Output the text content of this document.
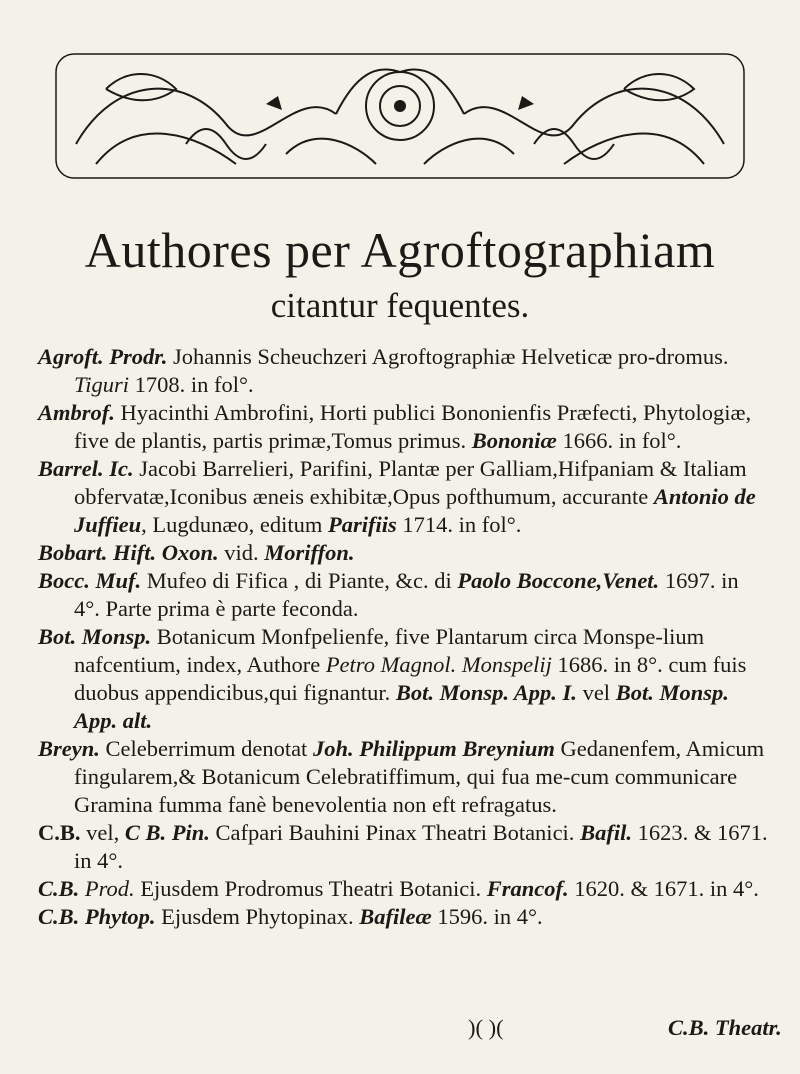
Authores per Agroftographiam
citantur fequentes.

Agroft. Prodr. Johannis Scheuchzeri Agroftographiæ Helveticæ pro-dromus. Tiguri 1708. in fol°.

Ambrof. Hyacinthi Ambrofini, Horti publici Bononienfis Præfecti, Phytologiæ, five de plantis, partis primæ,Tomus primus. Bononiæ 1666. in fol°.

Barrel. Ic. Jacobi Barrelieri, Parifini, Plantæ per Galliam,Hifpaniam & Italiam obfervatæ,Iconibus æneis exhibitæ,Opus pofthumum, accurante Antonio de Juffieu, Lugdunæo, editum Parifiis 1714. in fol°.

Bobart. Hift. Oxon. vid. Moriffon.

Bocc. Muf. Mufeo di Fifica , di Piante, &c. di Paolo Boccone,Venet. 1697. in 4°. Parte prima è parte feconda.

Bot. Monsp. Botanicum Monfpelienfe, five Plantarum circa Monspe-lium nafcentium, index, Authore Petro Magnol. Monspelij 1686. in 8°. cum fuis duobus appendicibus,qui fignantur. Bot. Monsp. App. I. vel Bot. Monsp. App. alt.

Breyn. Celeberrimum denotat Joh. Philippum Breynium Gedanenfem, Amicum fingularem,& Botanicum Celebratiffimum, qui fua me-cum communicare Gramina fumma fanè benevolentia non eft refragatus.

C.B. vel, C B. Pin. Cafpari Bauhini Pinax Theatri Botanici. Bafil. 1623. & 1671. in 4°.

C.B. Prod. Ejusdem Prodromus Theatri Botanici. Francof. 1620. & 1671. in 4°.

C.B. Phytop. Ejusdem Phytopinax. Bafileæ 1596. in 4°.

)( )(	C.B. Theatr.
